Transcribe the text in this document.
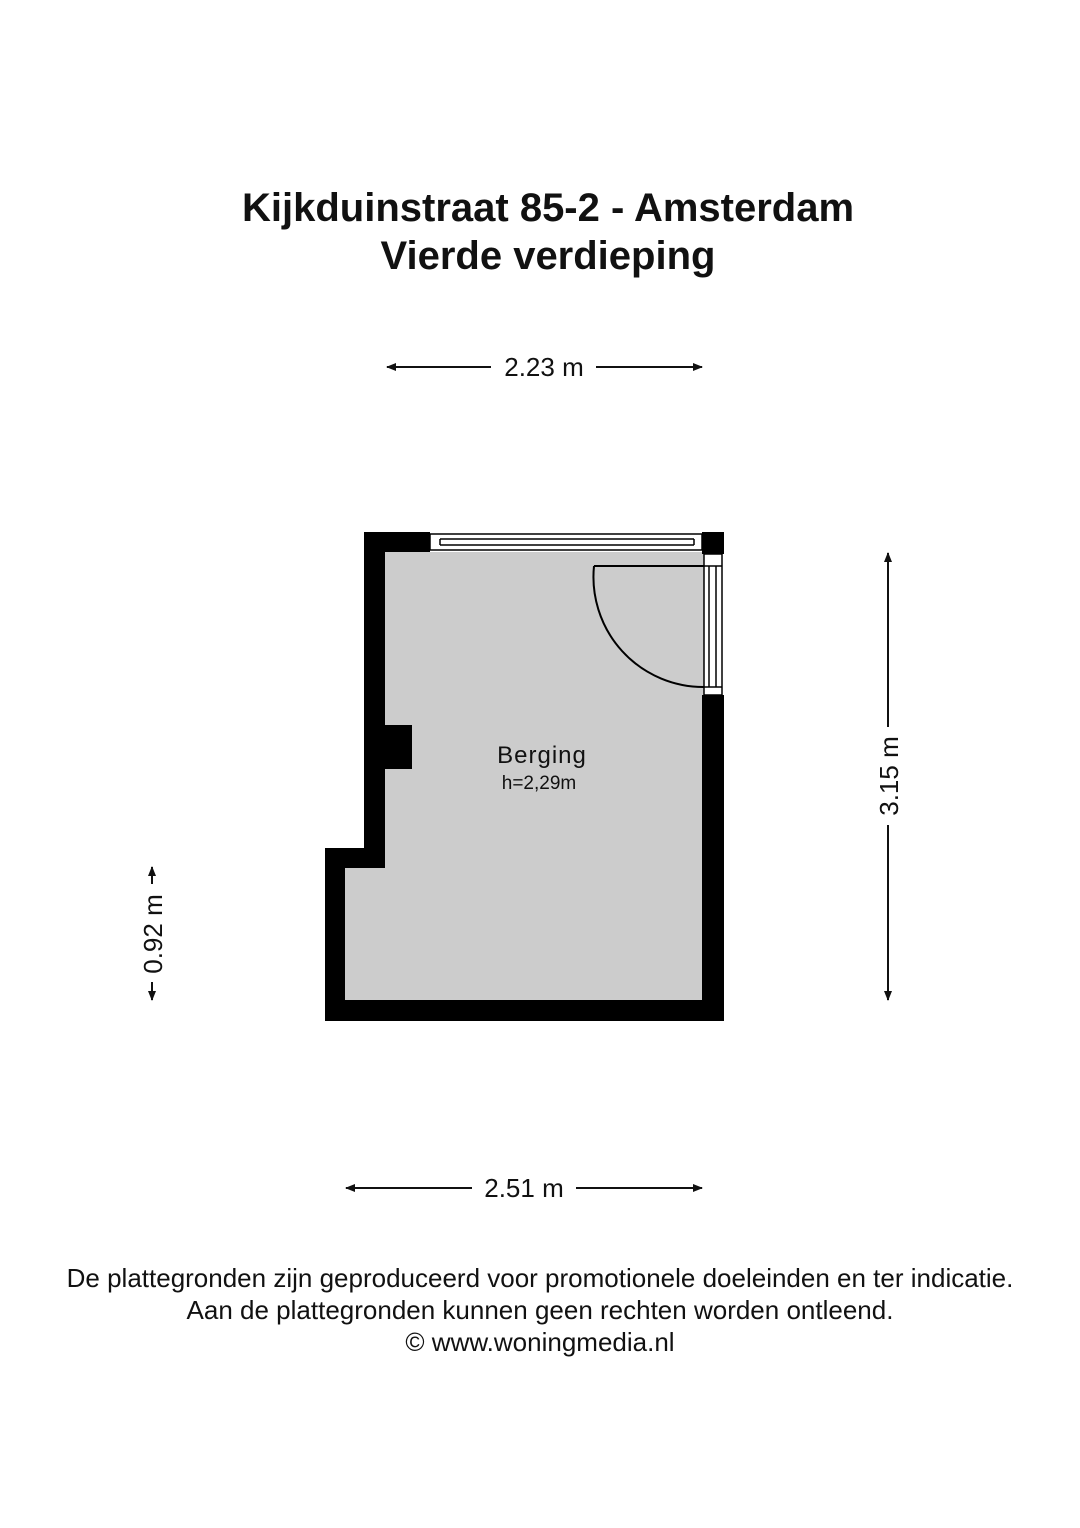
Kijkduinstraat 85-2 - Amsterdam
Vierde verdieping
Berging
h=2,29m
2.23 m
3.15 m
0.92 m
2.51 m
De plattegronden zijn geproduceerd voor promotionele doeleinden en ter indicatie.
Aan de plattegronden kunnen geen rechten worden ontleend.
© www.woningmedia.nl
